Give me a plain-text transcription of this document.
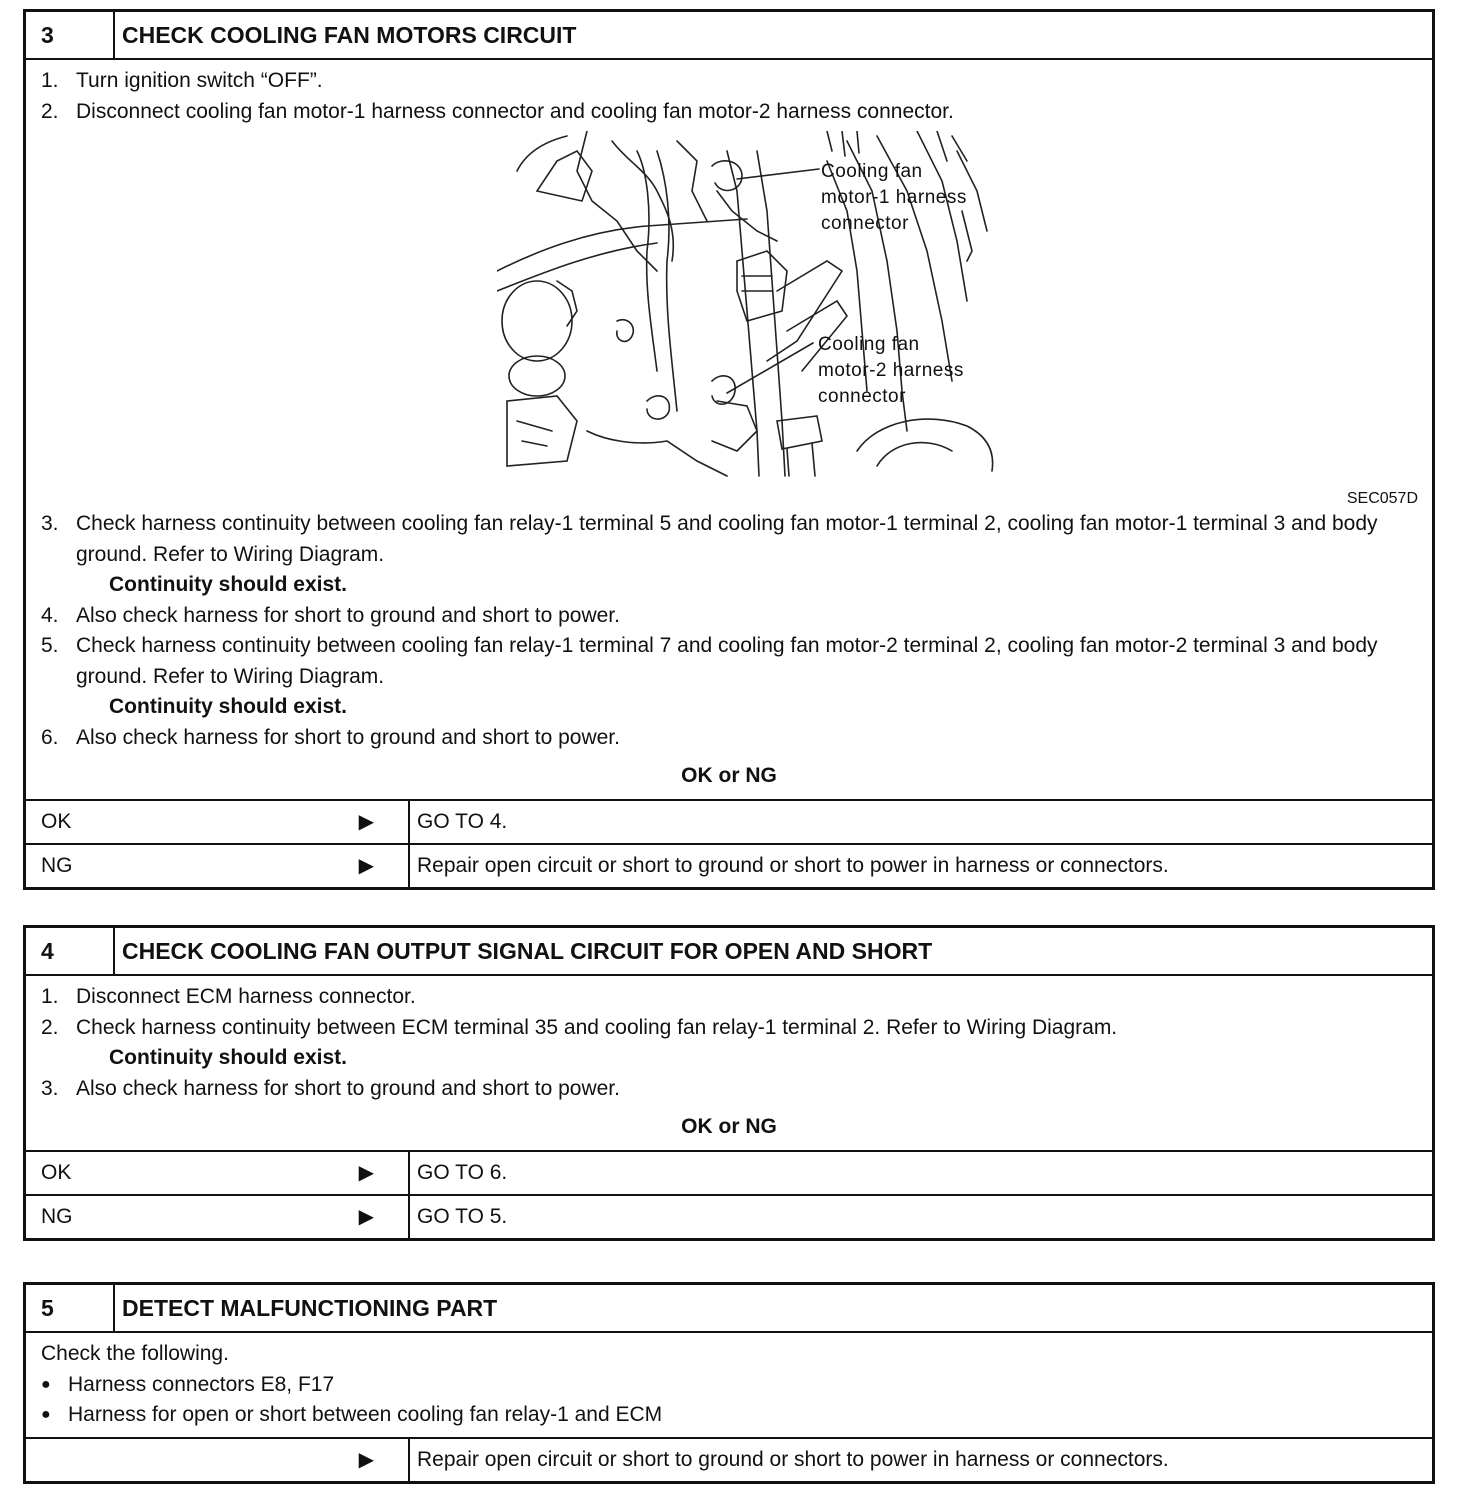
3	CHECK COOLING FAN MOTORS CIRCUIT
1. Turn ignition switch “OFF”.
2. Disconnect cooling fan motor-1 harness connector and cooling fan motor-2 harness connector.
Cooling fan
motor-1 harness
connector
Cooling fan
motor-2 harness
connector
SEC057D
3. Check harness continuity between cooling fan relay-1 terminal 5 and cooling fan motor-1 terminal 2, cooling fan motor-1 terminal 3 and body ground. Refer to Wiring Diagram.
Continuity should exist.
4. Also check harness for short to ground and short to power.
5. Check harness continuity between cooling fan relay-1 terminal 7 and cooling fan motor-2 terminal 2, cooling fan motor-2 terminal 3 and body ground. Refer to Wiring Diagram.
Continuity should exist.
6. Also check harness for short to ground and short to power.
OK or NG
OK	▶	GO TO 4.
NG	▶	Repair open circuit or short to ground or short to power in harness or connectors.
4	CHECK COOLING FAN OUTPUT SIGNAL CIRCUIT FOR OPEN AND SHORT
1. Disconnect ECM harness connector.
2. Check harness continuity between ECM terminal 35 and cooling fan relay-1 terminal 2. Refer to Wiring Diagram.
Continuity should exist.
3. Also check harness for short to ground and short to power.
OK or NG
OK	▶	GO TO 6.
NG	▶	GO TO 5.
5	DETECT MALFUNCTIONING PART
Check the following.
● Harness connectors E8, F17
● Harness for open or short between cooling fan relay-1 and ECM
▶	Repair open circuit or short to ground or short to power in harness or connectors.
